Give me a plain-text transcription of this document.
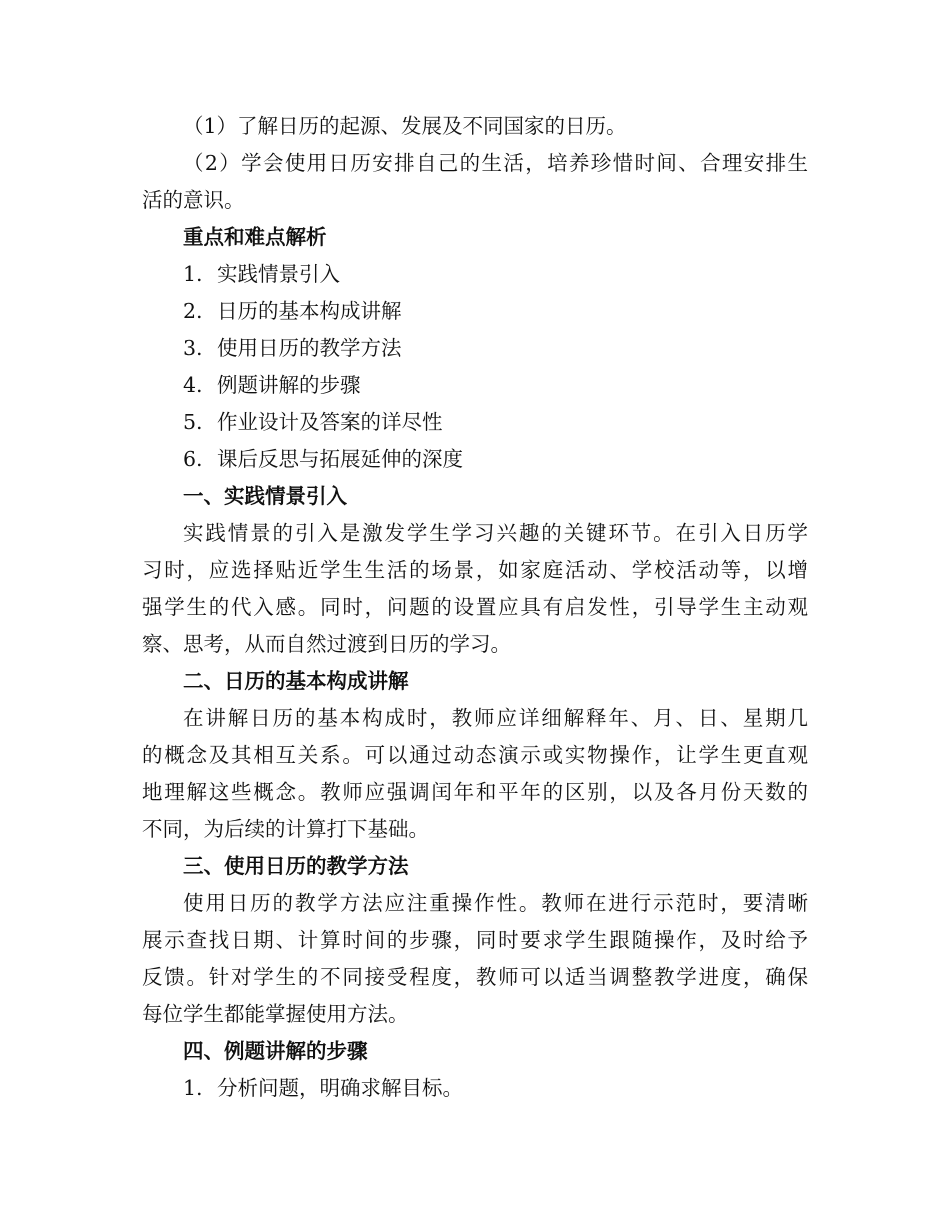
（1）了解日历的起源、发展及不同国家的日历。
（2）学会使用日历安排自己的生活，培养珍惜时间、合理安排生
活的意识。
重点和难点解析
1. 实践情景引入
2. 日历的基本构成讲解
3. 使用日历的教学方法
4. 例题讲解的步骤
5. 作业设计及答案的详尽性
6. 课后反思与拓展延伸的深度
一、实践情景引入
实践情景的引入是激发学生学习兴趣的关键环节。在引入日历学
习时，应选择贴近学生生活的场景，如家庭活动、学校活动等，以增
强学生的代入感。同时，问题的设置应具有启发性，引导学生主动观
察、思考，从而自然过渡到日历的学习。
二、日历的基本构成讲解
在讲解日历的基本构成时，教师应详细解释年、月、日、星期几
的概念及其相互关系。可以通过动态演示或实物操作，让学生更直观
地理解这些概念。教师应强调闰年和平年的区别，以及各月份天数的
不同，为后续的计算打下基础。
三、使用日历的教学方法
使用日历的教学方法应注重操作性。教师在进行示范时，要清晰
展示查找日期、计算时间的步骤，同时要求学生跟随操作，及时给予
反馈。针对学生的不同接受程度，教师可以适当调整教学进度，确保
每位学生都能掌握使用方法。
四、例题讲解的步骤
1. 分析问题，明确求解目标。
